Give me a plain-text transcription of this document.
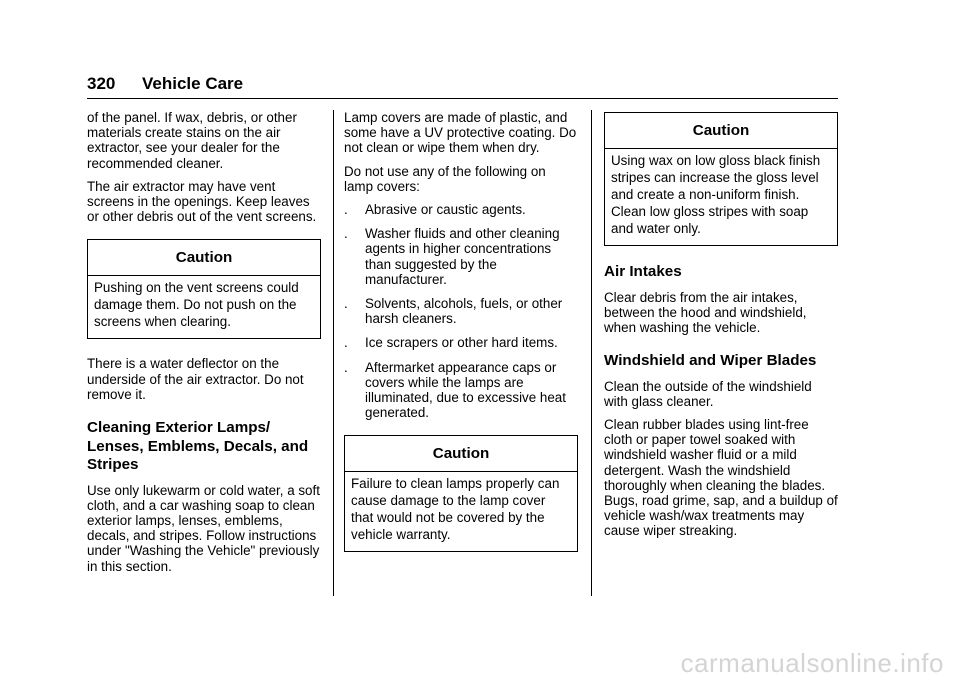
320 Vehicle Care

of the panel. If wax, debris, or other materials create stains on the air extractor, see your dealer for the recommended cleaner.

The air extractor may have vent screens in the openings. Keep leaves or other debris out of the vent screens.

Caution
Pushing on the vent screens could damage them. Do not push on the screens when clearing.

There is a water deflector on the underside of the air extractor. Do not remove it.

Cleaning Exterior Lamps/ Lenses, Emblems, Decals, and Stripes

Use only lukewarm or cold water, a soft cloth, and a car washing soap to clean exterior lamps, lenses, emblems, decals, and stripes. Follow instructions under "Washing the Vehicle" previously in this section.

Lamp covers are made of plastic, and some have a UV protective coating. Do not clean or wipe them when dry.

Do not use any of the following on lamp covers:

. Abrasive or caustic agents.
. Washer fluids and other cleaning agents in higher concentrations than suggested by the manufacturer.
. Solvents, alcohols, fuels, or other harsh cleaners.
. Ice scrapers or other hard items.
. Aftermarket appearance caps or covers while the lamps are illuminated, due to excessive heat generated.
Caution
Failure to clean lamps properly can cause damage to the lamp cover that would not be covered by the vehicle warranty.
Caution
Using wax on low gloss black finish stripes can increase the gloss level and create a non-uniform finish. Clean low gloss stripes with soap and water only.
Air Intakes

Clear debris from the air intakes, between the hood and windshield, when washing the vehicle.

Windshield and Wiper Blades

Clean the outside of the windshield with glass cleaner.

Clean rubber blades using lint-free cloth or paper towel soaked with windshield washer fluid or a mild detergent. Wash the windshield thoroughly when cleaning the blades. Bugs, road grime, sap, and a buildup of vehicle wash/wax treatments may cause wiper streaking.

carmanualsonline.info
